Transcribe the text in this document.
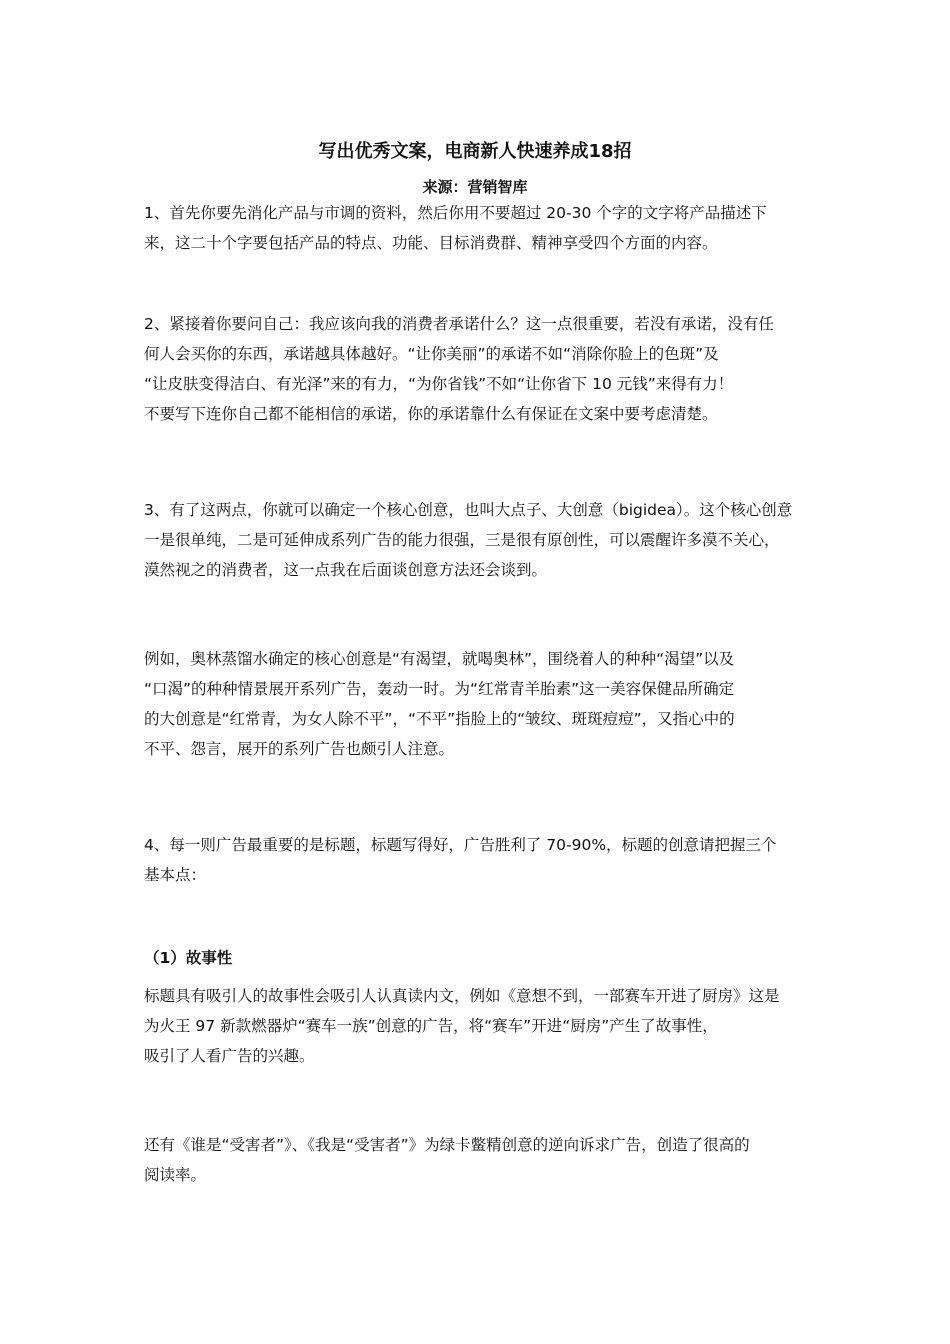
写出优秀文案，电商新人快速养成18招

来源：营销智库

1、首先你要先消化产品与市调的资料，然后你用不要超过 20-30 个字的文字将产品描述下
来，这二十个字要包括产品的特点、功能、目标消费群、精神享受四个方面的内容。

2、紧接着你要问自己：我应该向我的消费者承诺什么？这一点很重要，若没有承诺，没有任
何人会买你的东西，承诺越具体越好。“让你美丽”的承诺不如“消除你脸上的色斑”及
“让皮肤变得洁白、有光泽”来的有力，“为你省钱”不如“让你省下 10 元钱”来得有力！
不要写下连你自己都不能相信的承诺，你的承诺靠什么有保证在文案中要考虑清楚。

3、有了这两点，你就可以确定一个核心创意，也叫大点子、大创意（bigidea）。这个核心创意
一是很单纯，二是可延伸成系列广告的能力很强，三是很有原创性，可以震醒许多漠不关心，
漠然视之的消费者，这一点我在后面谈创意方法还会谈到。

例如，奥林蒸馏水确定的核心创意是“有渴望，就喝奥林”，围绕着人的种种“渴望”以及
“口渴”的种种情景展开系列广告，轰动一时。为“红常青羊胎素”这一美容保健品所确定
的大创意是“红常青，为女人除不平”，“不平”指脸上的“皱纹、斑斑痘痘”，又指心中的
不平、怨言，展开的系列广告也颇引人注意。

4、每一则广告最重要的是标题，标题写得好，广告胜利了 70-90%，标题的创意请把握三个
基本点：

（1）故事性

标题具有吸引人的故事性会吸引人认真读内文，例如《意想不到，一部赛车开进了厨房》这是
为火王 97 新款燃器炉“赛车一族”创意的广告，将“赛车”开进“厨房”产生了故事性，
吸引了人看广告的兴趣。

还有《谁是“受害者”》、《我是“受害者”》为绿卡鳖精创意的逆向诉求广告，创造了很高的
阅读率。
